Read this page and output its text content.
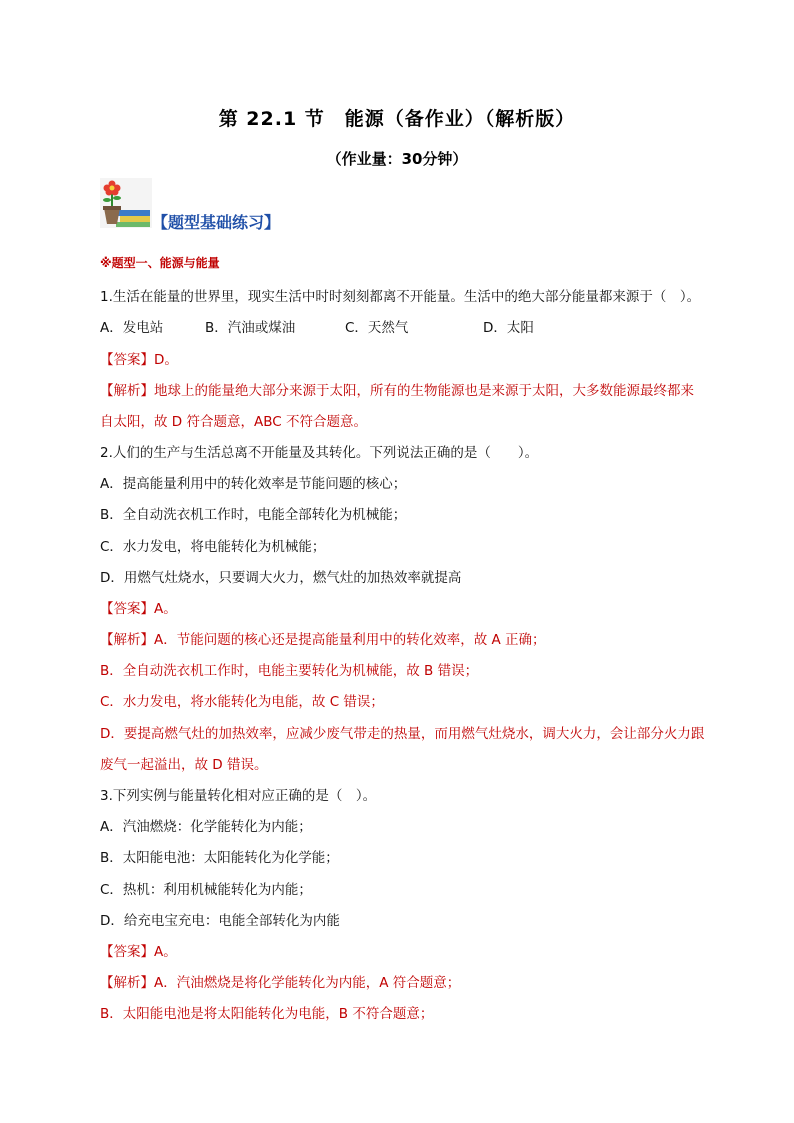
第 22.1 节　能源（备作业）（解析版）
（作业量：30分钟）
【题型基础练习】
※题型一、能源与能量
1.生活在能量的世界里，现实生活中时时刻刻都离不开能量。生活中的绝大部分能量都来源于（　）。
A．发电站	B．汽油或煤油	C．天然气	D．太阳
【答案】D。
【解析】地球上的能量绝大部分来源于太阳，所有的生物能源也是来源于太阳，大多数能源最终都来
自太阳，故 D 符合题意，ABC 不符合题意。
2.人们的生产与生活总离不开能量及其转化。下列说法正确的是（　　）。
A．提高能量利用中的转化效率是节能问题的核心；
B．全自动洗衣机工作时，电能全部转化为机械能；
C．水力发电，将电能转化为机械能；
D．用燃气灶烧水，只要调大火力，燃气灶的加热效率就提高
【答案】A。
【解析】A．节能问题的核心还是提高能量利用中的转化效率，故 A 正确；
B．全自动洗衣机工作时，电能主要转化为机械能，故 B 错误；
C．水力发电，将水能转化为电能，故 C 错误；
D．要提高燃气灶的加热效率，应减少废气带走的热量，而用燃气灶烧水，调大火力，会让部分火力跟
废气一起溢出，故 D 错误。
3.下列实例与能量转化相对应正确的是（　）。
A．汽油燃烧：化学能转化为内能；
B．太阳能电池：太阳能转化为化学能；
C．热机：利用机械能转化为内能；
D．给充电宝充电：电能全部转化为内能
【答案】A。
【解析】A．汽油燃烧是将化学能转化为内能，A 符合题意；
B．太阳能电池是将太阳能转化为电能，B 不符合题意；
